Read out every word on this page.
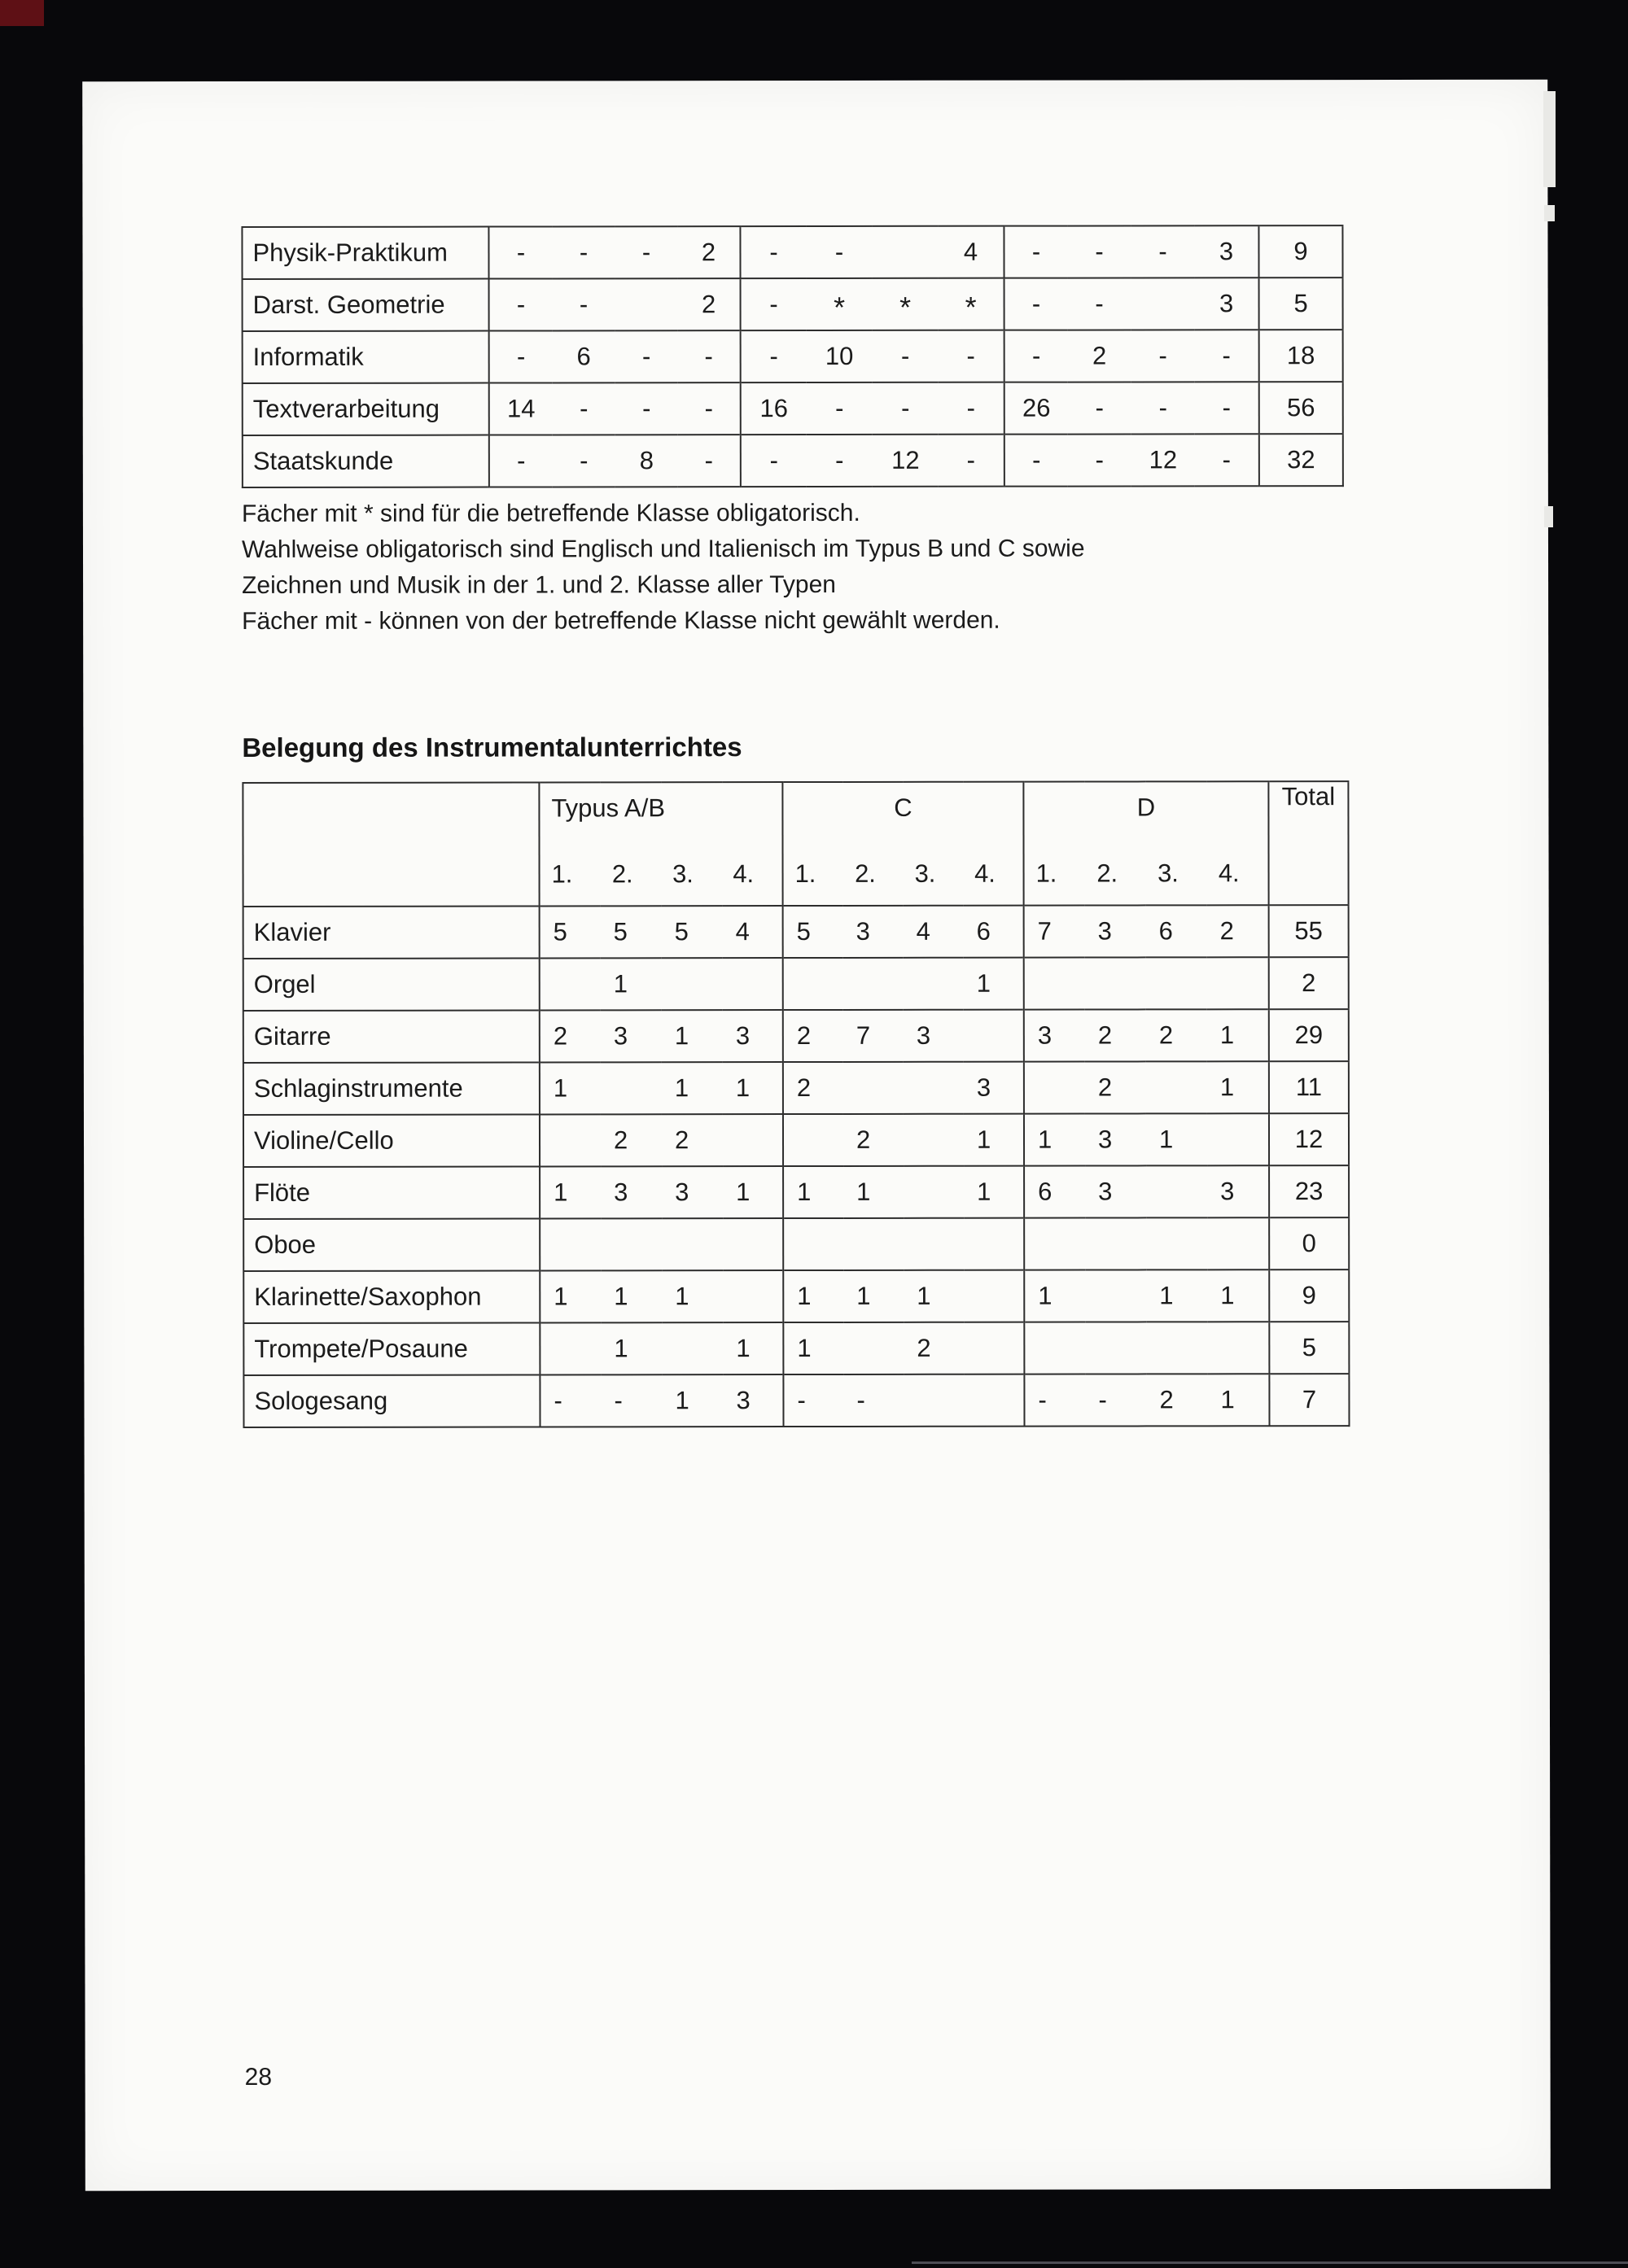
Physik-Praktikum	-	-	-	2	-	-		4	-	-	-	3	9
Darst. Geometrie	-	-		2	-	*	*	*	-	-		3	5
Informatik	-	6	-	-	-	10	-	-	-	2	-	-	18
Textverarbeitung	14	-	-	-	16	-	-	-	26	-	-	-	56
Staatskunde	-	-	8	-	-	-	12	-	-	-	12	-	32
Fächer mit * sind für die betreffende Klasse obligatorisch.
Wahlweise obligatorisch sind Englisch und Italienisch im Typus B und C sowie
Zeichnen und Musik in der 1. und 2. Klasse aller Typen
Fächer mit - können von der betreffende Klasse nicht gewählt werden.
Belegung des Instrumentalunterrichtes

Typus A/B
1.	2.	3.	4.

C
1.	2.	3.	4.

D
1.	2.	3.	4.
	Total
Klavier	5	5	5	4	5	3	4	6	7	3	6	2	55
Orgel		1						1					2
Gitarre	2	3	1	3	2	7	3		3	2	2	1	29
Schlaginstrumente	1		1	1	2			3		2		1	11
Violine/Cello		2	2			2		1	1	3	1		12
Flöte	1	3	3	1	1	1		1	6	3		3	23
Oboe													0
Klarinette/Saxophon	1	1	1		1	1	1		1		1	1	9
Trompete/Posaune		1		1	1		2						5
Sologesang	-	-	1	3	-	-			-	-	2	1	7
28
